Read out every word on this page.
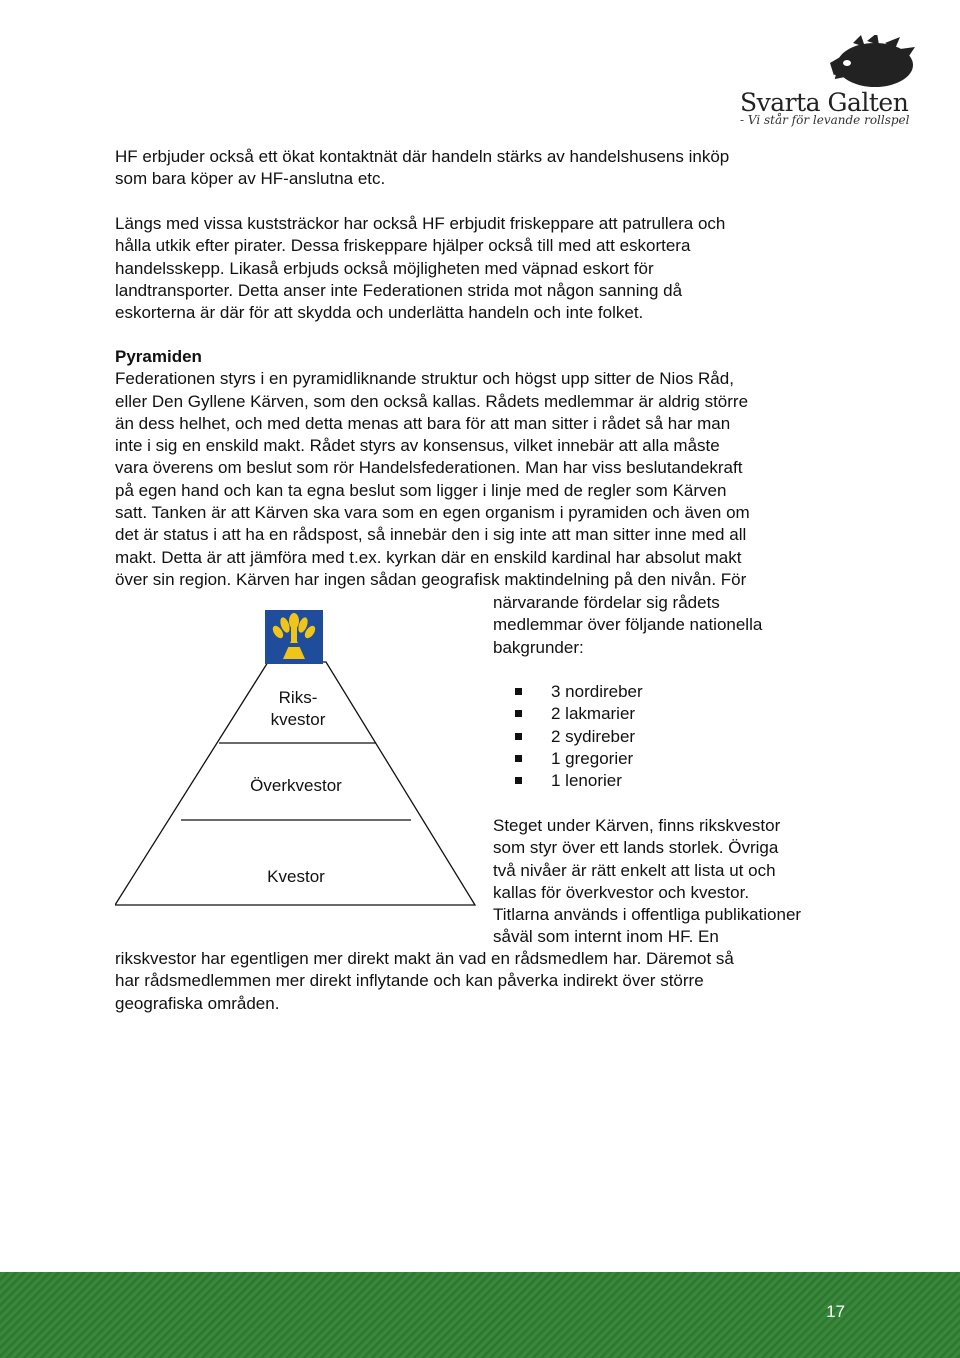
Svarta Galten
- Vi står för levande rollspel
HF erbjuder också ett ökat kontaktnät där handeln stärks av handelshusens inköp
som bara köper av HF-anslutna etc.
Längs med vissa kuststräckor har också HF erbjudit friskeppare att patrullera och
hålla utkik efter pirater. Dessa friskeppare hjälper också till med att eskortera
handelsskepp. Likaså erbjuds också möjligheten med väpnad eskort för
landtransporter. Detta anser inte Federationen strida mot någon sanning då
eskorterna är där för att skydda och underlätta handeln och inte folket.
Pyramiden
Federationen styrs i en pyramidliknande struktur och högst upp sitter de Nios Råd,
eller Den Gyllene Kärven, som den också kallas. Rådets medlemmar är aldrig större
än dess helhet, och med detta menas att bara för att man sitter i rådet så har man
inte i sig en enskild makt. Rådet styrs av konsensus, vilket innebär att alla måste
vara överens om beslut som rör Handelsfederationen. Man har viss beslutandekraft
på egen hand och kan ta egna beslut som ligger i linje med de regler som Kärven
satt. Tanken är att Kärven ska vara som en egen organism i pyramiden och även om
det är status i att ha en rådspost, så innebär den i sig inte att man sitter inne med all
makt. Detta är att jämföra med t.ex. kyrkan där en enskild kardinal har absolut makt
över sin region. Kärven har ingen sådan geografisk maktindelning på den nivån. För
närvarande fördelar sig rådets
medlemmar över följande nationella
bakgrunder:
3 nordireber
2 lakmarier
2 sydireber
1 gregorier
1 lenorier
Steget under Kärven, finns rikskvestor
som styr över ett lands storlek. Övriga
två nivåer är rätt enkelt att lista ut och
kallas för överkvestor och kvestor.
Titlarna används i offentliga publikationer
såväl som internt inom HF. En
rikskvestor har egentligen mer direkt makt än vad en rådsmedlem har. Däremot så
har rådsmedlemmen mer direkt inflytande och kan påverka indirekt över större
geografiska områden.
Riks-
kvestor
Överkvestor
Kvestor
17
